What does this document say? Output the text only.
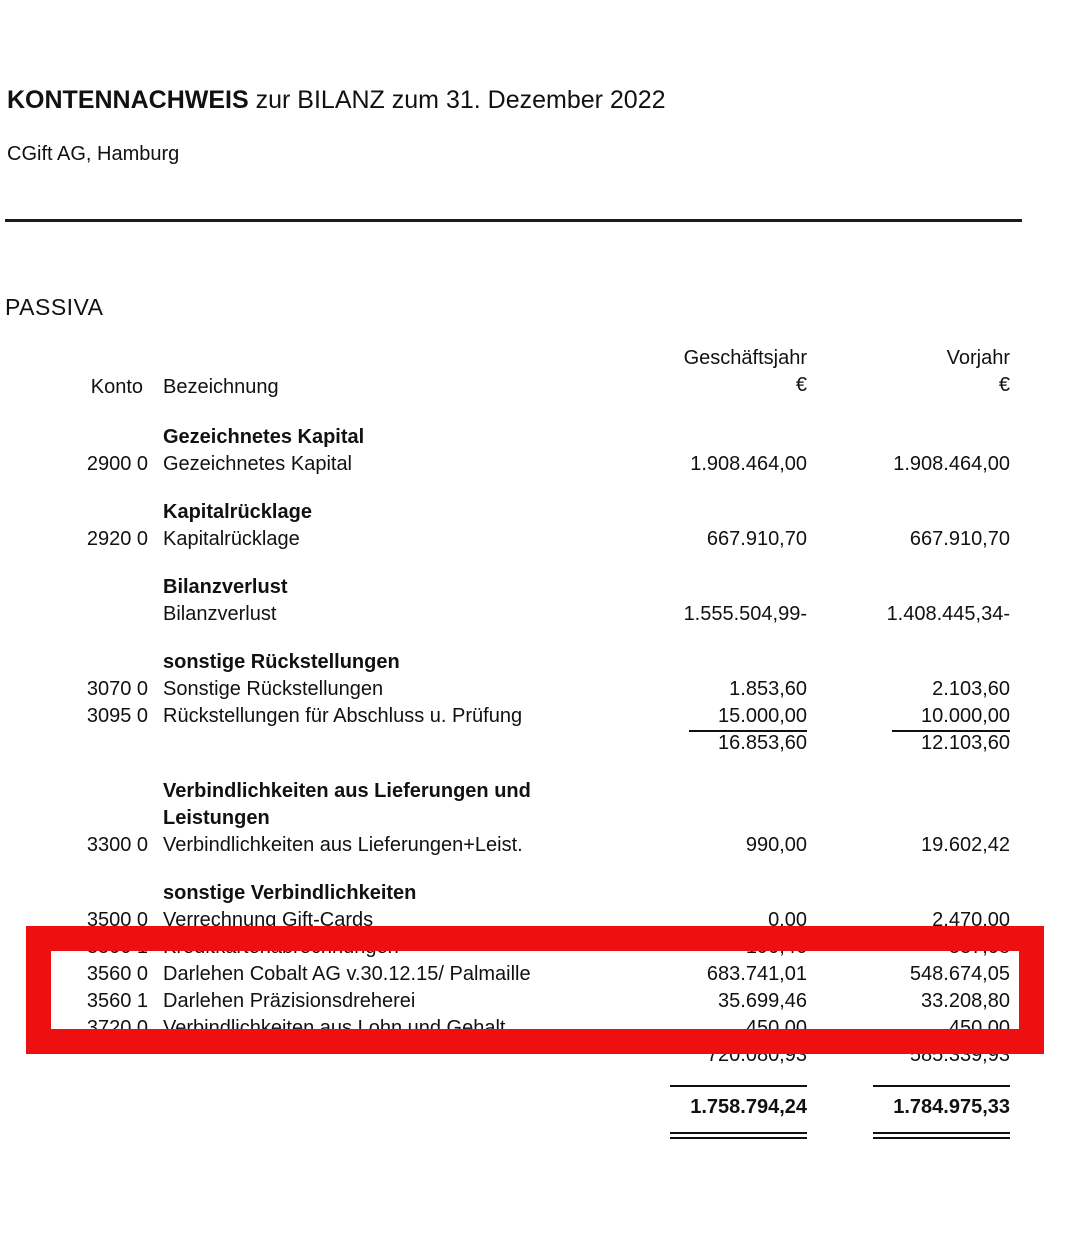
KONTENNACHWEIS zur BILANZ zum 31. Dezember 2022
CGift AG, Hamburg
PASSIVA
Geschäftsjahr
€
Vorjahr
€
Konto Bezeichnung
Gezeichnetes Kapital
2900 0 Gezeichnetes Kapital	1.908.464,00	1.908.464,00
Kapitalrücklage
2920 0 Kapitalrücklage	667.910,70	667.910,70
Bilanzverlust
Bilanzverlust	1.555.504,99-	1.408.445,34-
sonstige Rückstellungen
3070 0 Sonstige Rückstellungen	1.853,60	2.103,60
3095 0 Rückstellungen für Abschluss u. Prüfung	15.000,00	10.000,00
16.853,60	12.103,60
Verbindlichkeiten aus Lieferungen und
Leistungen
3300 0 Verbindlichkeiten aus Lieferungen+Leist.	990,00	19.602,42
sonstige Verbindlichkeiten
3500 0 Verrechnung Gift-Cards	0,00	2.470,00
3500 1 Kreditkartenabrechnungen	190,46	537,08
3560 0 Darlehen Cobalt AG v.30.12.15/ Palmaille	683.741,01	548.674,05
3560 1 Darlehen Präzisionsdreherei	35.699,46	33.208,80
3720 0 Verbindlichkeiten aus Lohn und Gehalt	450,00	450,00
720.080,93	585.339,93
1.758.794,24	1.784.975,33
